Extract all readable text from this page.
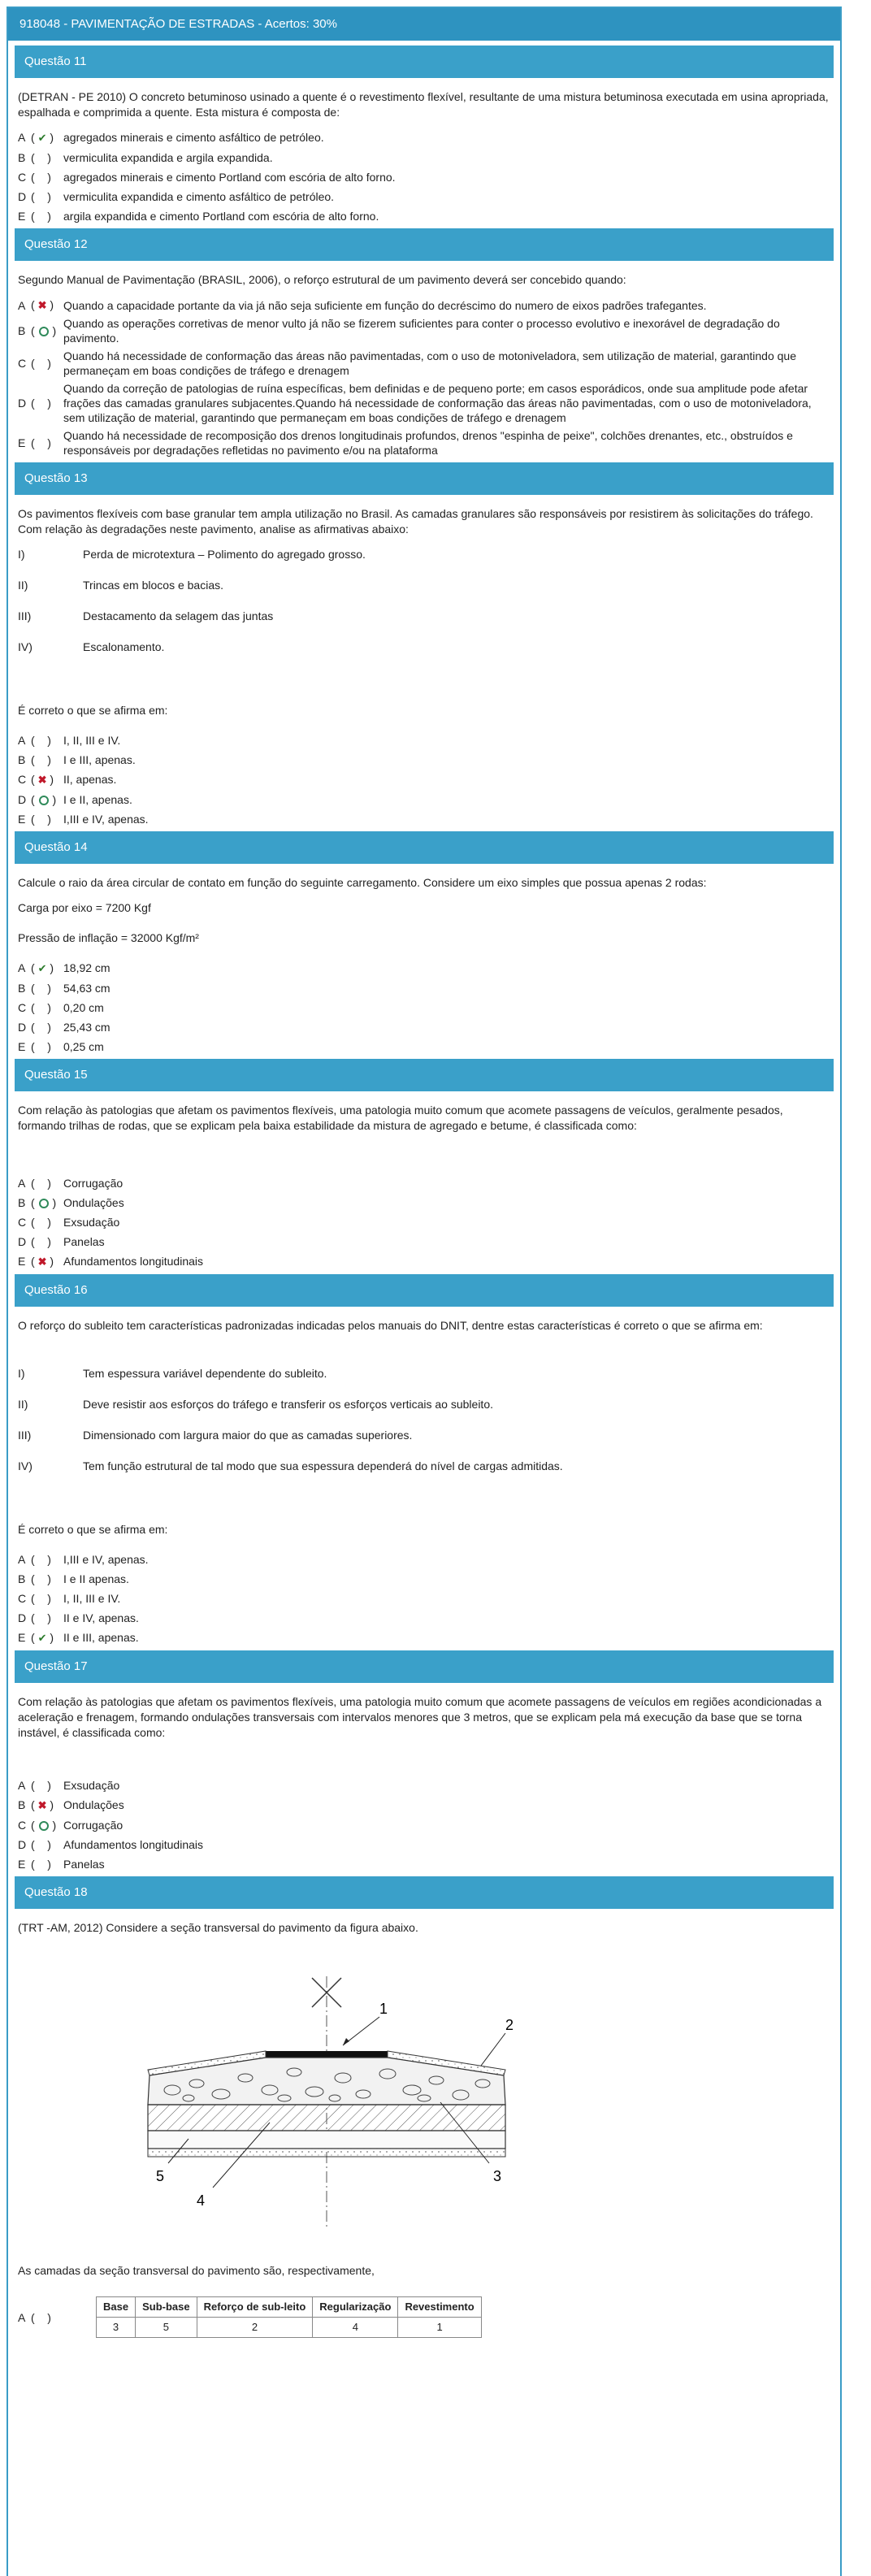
918048 - PAVIMENTAÇÃO DE ESTRADAS - Acertos: 30%
Questão 11
(DETRAN - PE 2010) O concreto betuminoso usinado a quente é o revestimento flexível, resultante de uma mistura betuminosa executada em usina apropriada, espalhada e comprimida a quente. Esta mistura é composta de:
A ( ✔ ) agregados minerais e cimento asfáltico de petróleo.
B (    )	vermiculita expandida e argila expandida.
C (    )	agregados minerais e cimento Portland com escória de alto forno.
D (    )	vermiculita expandida e cimento asfáltico de petróleo.
E (    )	argila expandida e cimento Portland com escória de alto forno.
Questão 12
Segundo Manual de Pavimentação (BRASIL, 2006), o reforço estrutural de um pavimento deverá ser concebido quando:
A ( ✖ ) Quando a capacidade portante da via já não seja suficiente em função do decréscimo do numero de eixos padrões trafegantes.
B (  )
Quando as operações corretivas de menor vulto já não se fizerem suficientes para conter o processo evolutivo e inexorável de degradação do pavimento.
C (    )
Quando há necessidade de conformação das áreas não pavimentadas, com o uso de motoniveladora, sem utilização de material, garantindo que permaneçam em boas condições de tráfego e drenagem
D (    )
Quando da correção de patologias de ruína específicas, bem definidas e de pequeno porte; em casos esporádicos, onde sua amplitude pode afetar frações das camadas granulares subjacentes.Quando há necessidade de conformação das áreas não pavimentadas, com o uso de motoniveladora, sem utilização de material, garantindo que permaneçam em boas condições de tráfego e drenagem
E (    )
Quando há necessidade de recomposição dos drenos longitudinais profundos, drenos "espinha de peixe", colchões drenantes, etc., obstruídos e responsáveis por degradações refletidas no pavimento e/ou na plataforma
Questão 13
Os pavimentos flexíveis com base granular tem ampla utilização no Brasil. As camadas granulares são responsáveis por resistirem às solicitações do tráfego. Com relação às degradações neste pavimento, analise as afirmativas abaixo:
I)	Perda de microtextura – Polimento do agregado grosso.
II)	Trincas em blocos e bacias.
III)	Destacamento da selagem das juntas
IV)	Escalonamento.
É correto o que se afirma em:
A (    )	I, II, III e IV.
B (    )	I e III, apenas.
C ( ✖ ) II, apenas.
D (  ) I e II, apenas.
E (    )	I,III e IV, apenas.
Questão 14
Calcule o raio da área circular de contato em função do seguinte carregamento. Considere um eixo simples que possua apenas 2 rodas:
Carga por eixo = 7200 Kgf
Pressão de inflação = 32000 Kgf/m²
A ( ✔ ) 18,92 cm
B (    )	54,63 cm
C (    )	0,20 cm
D (    )	25,43 cm
E (    )	0,25 cm
Questão 15
Com relação às patologias que afetam os pavimentos flexíveis, uma patologia muito comum que acomete passagens de veículos, geralmente pesados, formando trilhas de rodas, que se explicam pela baixa estabilidade da mistura de agregado e betume, é classificada como:
A (    )	Corrugação
B (  ) Ondulações
C (    )	Exsudação
D (    )	Panelas
E ( ✖ ) Afundamentos longitudinais
Questão 16
O reforço do subleito tem características padronizadas indicadas pelos manuais do DNIT, dentre estas características é correto o que se afirma em:
I)	Tem espessura variável dependente do subleito.
II)	Deve resistir aos esforços do tráfego e transferir os esforços verticais ao subleito.
III)	Dimensionado com largura maior do que as camadas superiores.
IV)	Tem função estrutural de tal modo que sua espessura dependerá do nível de cargas admitidas.
É correto o que se afirma em:
A (    )	I,III e IV, apenas.
B (    )	I e II apenas.
C (    )	I, II, III e IV.
D (    )	II e IV, apenas.
E ( ✔ ) II e III, apenas.
Questão 17
Com relação às patologias que afetam os pavimentos flexíveis, uma patologia muito comum que acomete passagens de veículos em regiões acondicionadas a aceleração e frenagem, formando ondulações transversais com intervalos menores que 3 metros, que se explicam pela má execução da base que se torna instável, é classificada como:
A (    )	Exsudação
B ( ✖ ) Ondulações
C (  ) Corrugação
D (    )	Afundamentos longitudinais
E (    )	Panelas
Questão 18
(TRT -AM, 2012) Considere a seção transversal do pavimento da figura abaixo.
1
2
3
4
5
As camadas da seção transversal do pavimento são, respectivamente,
A (    )
Base	Sub-base	Reforço de sub-leito	Regularização	Revestimento
3	5	2	4	1
